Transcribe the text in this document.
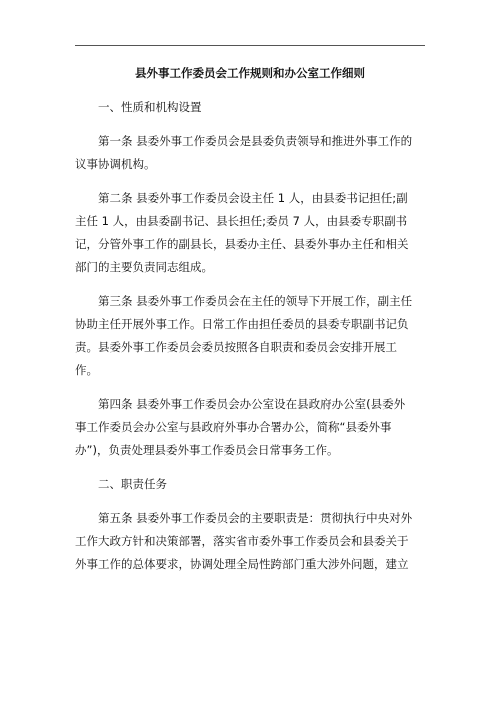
县外事工作委员会工作规则和办公室工作细则
一、性质和机构设置
第一条 县委外事工作委员会是县委负责领导和推进外事工作的
议事协调机构。
第二条 县委外事工作委员会设主任 1 人，由县委书记担任;副
主任 1 人，由县委副书记、县长担任;委员 7 人，由县委专职副书
记，分管外事工作的副县长，县委办主任、县委外事办主任和相关
部门的主要负责同志组成。
第三条 县委外事工作委员会在主任的领导下开展工作，副主任
协助主任开展外事工作。日常工作由担任委员的县委专职副书记负
责。县委外事工作委员会委员按照各自职责和委员会安排开展工
作。
第四条 县委外事工作委员会办公室设在县政府办公室(县委外
事工作委员会办公室与县政府外事办合署办公，简称“县委外事
办”)，负责处理县委外事工作委员会日常事务工作。
二、职责任务
第五条 县委外事工作委员会的主要职责是：贯彻执行中央对外
工作大政方针和决策部署，落实省市委外事工作委员会和县委关于
外事工作的总体要求，协调处理全局性跨部门重大涉外问题，建立
